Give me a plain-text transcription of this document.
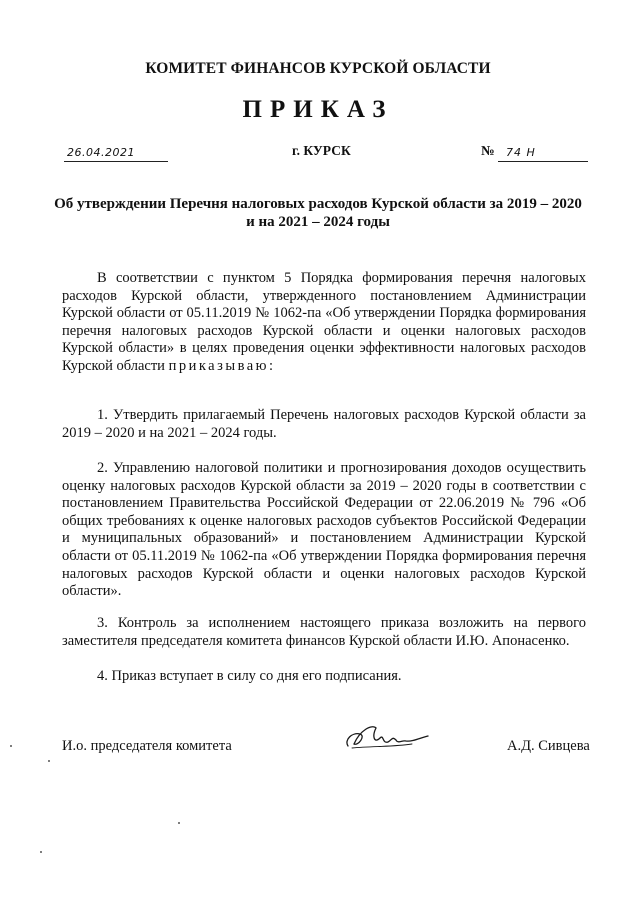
КОМИТЕТ ФИНАНСОВ КУРСКОЙ ОБЛАСТИ
ПРИКАЗ
26.04.2021	г. КУРСК	№ 74 Н
Об утверждении Перечня налоговых расходов Курской области за 2019 – 2020
и на 2021 – 2024 годы
В соответствии с пунктом 5 Порядка формирования перечня налоговых расходов Курской области, утвержденного постановлением Администрации Курской области от 05.11.2019 № 1062-па «Об утверждении Порядка формирования перечня налоговых расходов Курской области и оценки налоговых расходов Курской области» в целях проведения оценки эффективности налоговых расходов Курской области приказываю:
1. Утвердить прилагаемый Перечень налоговых расходов Курской области за 2019 – 2020 и на 2021 – 2024 годы.
2. Управлению налоговой политики и прогнозирования доходов осуществить оценку налоговых расходов Курской области за 2019 – 2020 годы в соответствии с постановлением Правительства Российской Федерации от 22.06.2019 № 796 «Об общих требованиях к оценке налоговых расходов субъектов Российской Федерации и муниципальных образований» и постановлением Администрации Курской области от 05.11.2019 № 1062-па «Об утверждении Порядка формирования перечня налоговых расходов Курской области и оценки налоговых расходов Курской области».
3. Контроль за исполнением настоящего приказа возложить на первого заместителя председателя комитета финансов Курской области И.Ю. Апонасенко.
4. Приказ вступает в силу со дня его подписания.
И.о. председателя комитета	А.Д. Сивцева
